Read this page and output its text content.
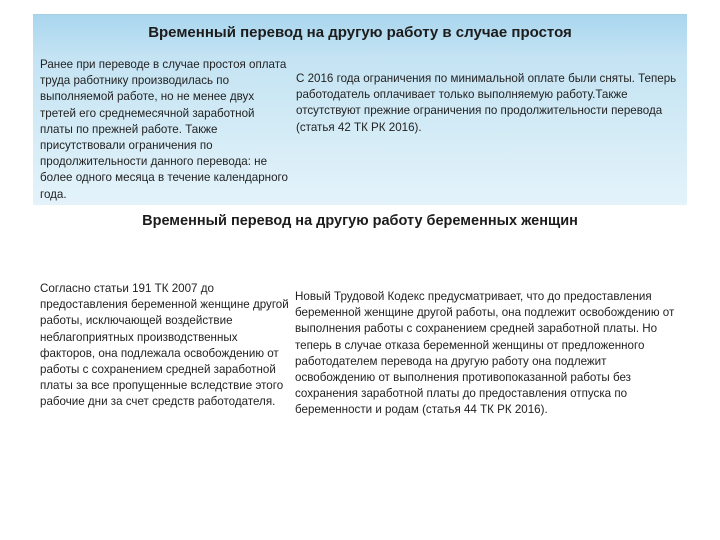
Временный перевод на другую работу в случае простоя
Ранее при переводе в случае простоя оплата труда работнику производилась по выполняемой работе, но не менее двух третей его среднемесячной заработной платы по прежней работе. Также присутствовали ограничения по продолжительности данного перевода: не более одного месяца в течение календарного года.
С 2016 года ограничения по минимальной оплате были сняты. Теперь работодатель оплачивает только выполняемую работу.Также отсутствуют прежние ограничения по продолжительности перевода (статья 42 ТК РК 2016).
Временный перевод на другую работу беременных женщин
Согласно статьи 191 ТК 2007 до предоставления беременной женщине другой работы, исключающей воздействие неблагоприятных производственных факторов, она подлежала освобождению от работы с сохранением средней заработной платы за все пропущенные вследствие этого рабочие дни за счет средств работодателя.
Новый Трудовой Кодекс предусматривает, что до предоставления беременной женщине другой работы, она подлежит освобождению от выполнения работы с сохранением средней заработной платы. Но теперь в случае отказа беременной женщины от предложенного работодателем перевода на другую работу она подлежит освобождению от выполнения противопоказанной работы без сохранения заработной платы до предоставления отпуска по беременности и родам (статья 44 ТК РК 2016).
